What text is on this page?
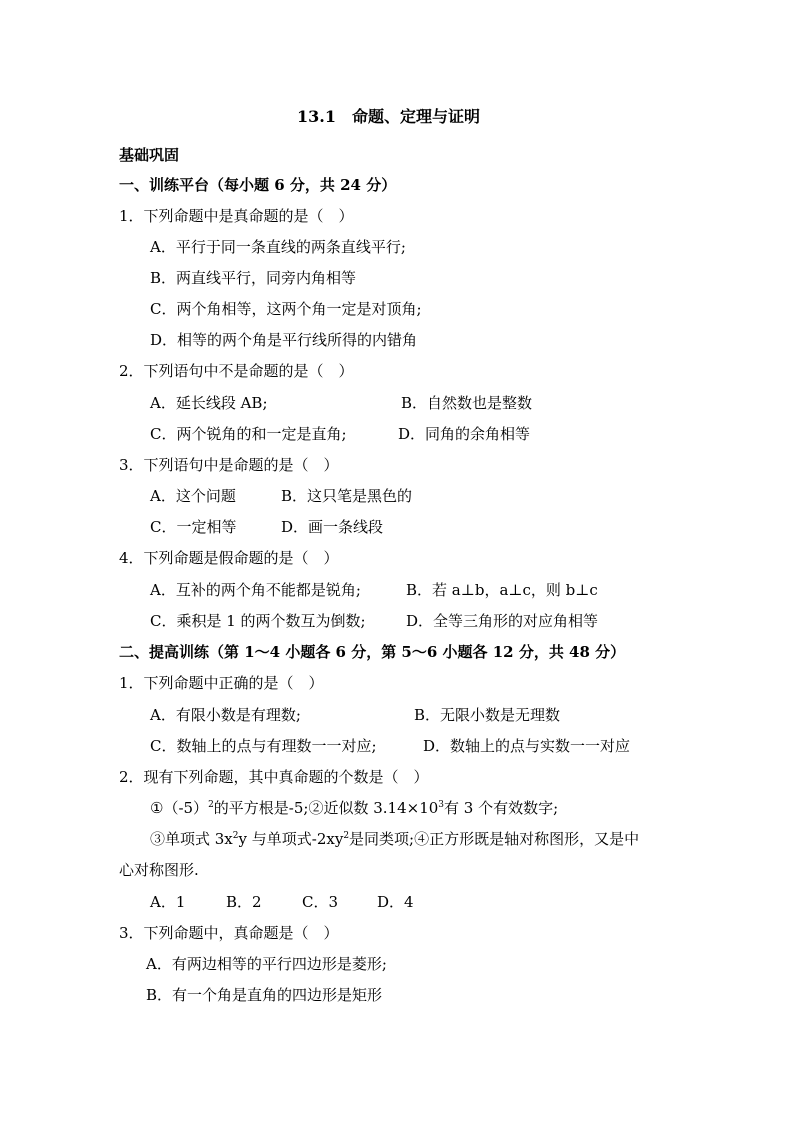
13.1　命题、定理与证明
基础巩固
一、训练平台（每小题 6 分，共 24 分）
1．下列命题中是真命题的是（　）
A．平行于同一条直线的两条直线平行;
B．两直线平行，同旁内角相等
C．两个角相等，这两个角一定是对顶角;
D．相等的两个角是平行线所得的内错角
2．下列语句中不是命题的是（　）
A．延长线段 AB;	B．自然数也是整数
C．两个锐角的和一定是直角;	D．同角的余角相等
3．下列语句中是命题的是（　）
A．这个问题	B．这只笔是黑色的
C．一定相等	D．画一条线段
4．下列命题是假命题的是（　）
A．互补的两个角不能都是锐角;	B．若 a⊥b，a⊥c，则 b⊥c
C．乘积是 1 的两个数互为倒数;	D．全等三角形的对应角相等
二、提高训练（第 1～4 小题各 6 分，第 5～6 小题各 12 分，共 48 分）
1．下列命题中正确的是（　）
A．有限小数是有理数;	B．无限小数是无理数
C．数轴上的点与有理数一一对应;	D．数轴上的点与实数一一对应
2．现有下列命题，其中真命题的个数是（　）
$①(-5)^2$的平方根是-5;②近似数 $3.14\times 10^3$有 3 个有效数字;
③单项式 $3x^2y$ 与单项式$-2xy^2$是同类项;④正方形既是轴对称图形，又是中
心对称图形.
A．1	B．2	C．3	D．4
3．下列命题中，真命题是（　）
A．有两边相等的平行四边形是菱形;
B．有一个角是直角的四边形是矩形
